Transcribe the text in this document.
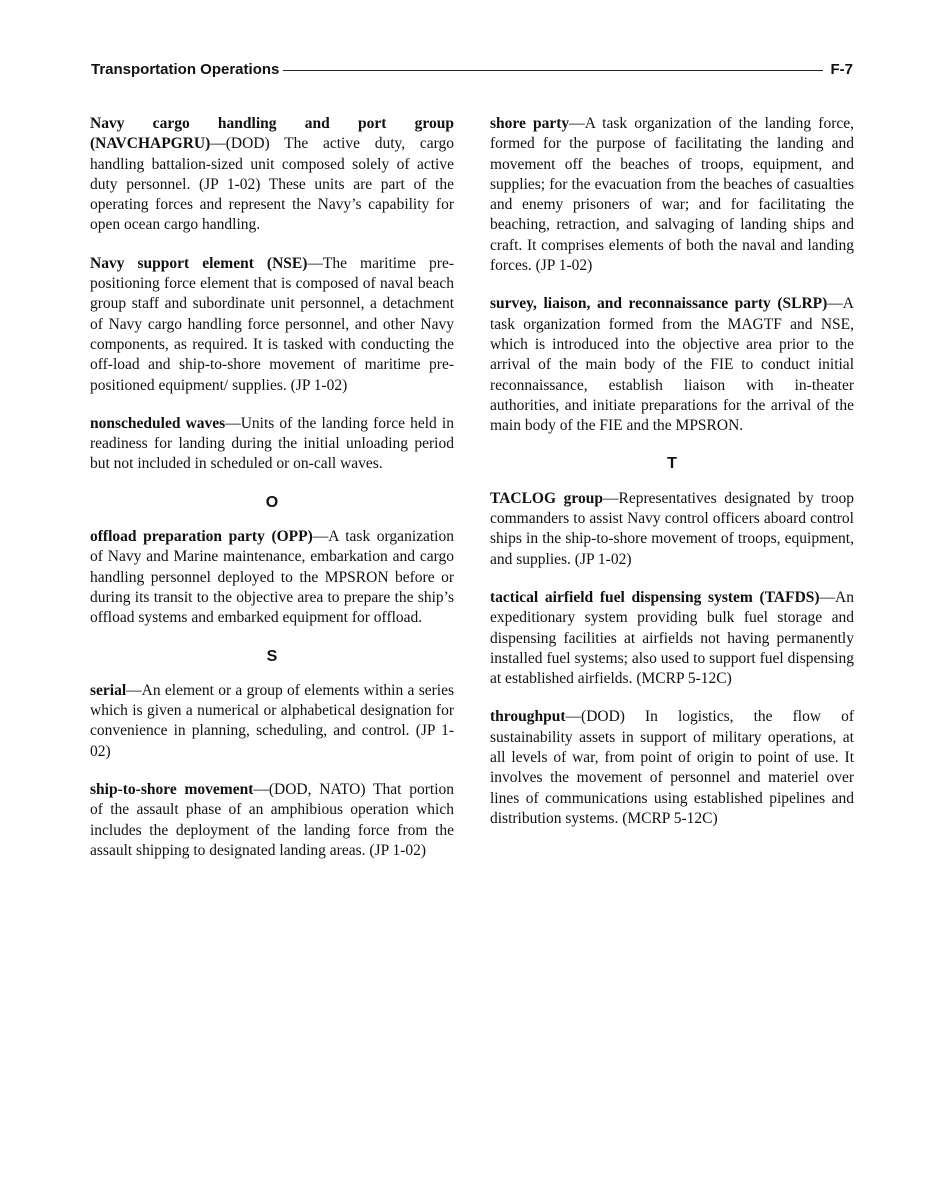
Transportation Operations	F-7

Navy cargo handling and port group (NAVCHAPGRU)—(DOD) The active duty, cargo handling battalion-sized unit composed solely of active duty personnel. (JP 1-02) These units are part of the operating forces and represent the Navy’s capability for open ocean cargo handling.

Navy support element (NSE)—The maritime pre-positioning force element that is composed of naval beach group staff and subordinate unit personnel, a detachment of Navy cargo handling force personnel, and other Navy components, as required. It is tasked with conducting the off-load and ship-to-shore movement of maritime pre-positioned equipment/ supplies. (JP 1-02)

nonscheduled waves—Units of the landing force held in readiness for landing during the initial unloading period but not included in scheduled or on-call waves.

O

offload preparation party (OPP)—A task organization of Navy and Marine maintenance, embarkation and cargo handling personnel deployed to the MPSRON before or during its transit to the objective area to prepare the ship’s offload systems and embarked equipment for offload.

S

serial—An element or a group of elements within a series which is given a numerical or alphabetical designation for convenience in planning, scheduling, and control. (JP 1-02)

ship-to-shore movement—(DOD, NATO) That portion of the assault phase of an amphibious operation which includes the deployment of the landing force from the assault shipping to designated landing areas. (JP 1-02)

shore party—A task organization of the landing force, formed for the purpose of facilitating the landing and movement off the beaches of troops, equipment, and supplies; for the evacuation from the beaches of casualties and enemy prisoners of war; and for facilitating the beaching, retraction, and salvaging of landing ships and craft. It comprises elements of both the naval and landing forces. (JP 1-02)

survey, liaison, and reconnaissance party (SLRP)—A task organization formed from the MAGTF and NSE, which is introduced into the objective area prior to the arrival of the main body of the FIE to conduct initial reconnaissance, establish liaison with in-theater authorities, and initiate preparations for the arrival of the main body of the FIE and the MPSRON.

T

TACLOG group—Representatives designated by troop commanders to assist Navy control officers aboard control ships in the ship-to-shore movement of troops, equipment, and supplies. (JP 1-02)

tactical airfield fuel dispensing system (TAFDS)—An expeditionary system providing bulk fuel storage and dispensing facilities at airfields not having permanently installed fuel systems; also used to support fuel dispensing at established airfields. (MCRP 5-12C)

throughput—(DOD) In logistics, the flow of sustainability assets in support of military operations, at all levels of war, from point of origin to point of use. It involves the movement of personnel and materiel over lines of communications using established pipelines and distribution systems. (MCRP 5-12C)
